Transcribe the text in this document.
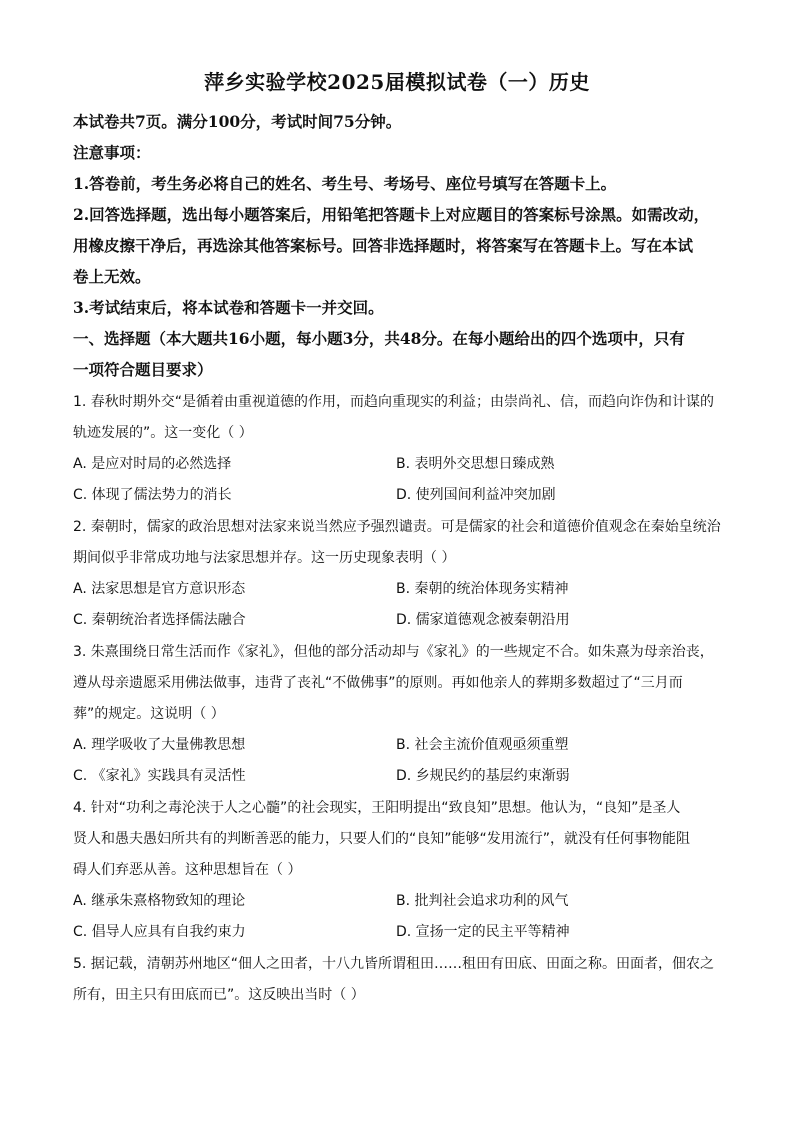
萍乡实验学校2025届模拟试卷（一）历史
本试卷共7页。满分100分，考试时间75分钟。
注意事项：
1.答卷前，考生务必将自己的姓名、考生号、考场号、座位号填写在答题卡上。
2.回答选择题，选出每小题答案后，用铅笔把答题卡上对应题目的答案标号涂黑。如需改动，
用橡皮擦干净后，再选涂其他答案标号。回答非选择题时，将答案写在答题卡上。写在本试
卷上无效。
3.考试结束后，将本试卷和答题卡一并交回。
一、选择题（本大题共16小题，每小题3分，共48分。在每小题给出的四个选项中，只有
一项符合题目要求）
1. 春秋时期外交“是循着由重视道德的作用，而趋向重现实的利益；由崇尚礼、信，而趋向诈伪和计谋的
轨迹发展的”。这一变化（ ）
A. 是应对时局的必然选择	B. 表明外交思想日臻成熟
C. 体现了儒法势力的消长	D. 使列国间利益冲突加剧
2. 秦朝时，儒家的政治思想对法家来说当然应予强烈谴责。可是儒家的社会和道德价值观念在秦始皇统治
期间似乎非常成功地与法家思想并存。这一历史现象表明（ ）
A. 法家思想是官方意识形态	B. 秦朝的统治体现务实精神
C. 秦朝统治者选择儒法融合	D. 儒家道德观念被秦朝沿用
3. 朱熹围绕日常生活而作《家礼》，但他的部分活动却与《家礼》的一些规定不合。如朱熹为母亲治丧，
遵从母亲遗愿采用佛法做事，违背了丧礼“不做佛事”的原则。再如他亲人的葬期多数超过了“三月而
葬”的规定。这说明（ ）
A. 理学吸收了大量佛教思想	B. 社会主流价值观亟须重塑
C. 《家礼》实践具有灵活性	D. 乡规民约的基层约束渐弱
4. 针对“功利之毒沦浃于人之心髓”的社会现实，王阳明提出“致良知”思想。他认为，“良知”是圣人
贤人和愚夫愚妇所共有的判断善恶的能力，只要人们的“良知”能够“发用流行”，就没有任何事物能阻
碍人们弃恶从善。这种思想旨在（ ）
A. 继承朱熹格物致知的理论	B. 批判社会追求功利的风气
C. 倡导人应具有自我约束力	D. 宣扬一定的民主平等精神
5. 据记载，清朝苏州地区“佃人之田者，十八九皆所谓租田……租田有田底、田面之称。田面者，佃农之
所有，田主只有田底而已”。这反映出当时（ ）
